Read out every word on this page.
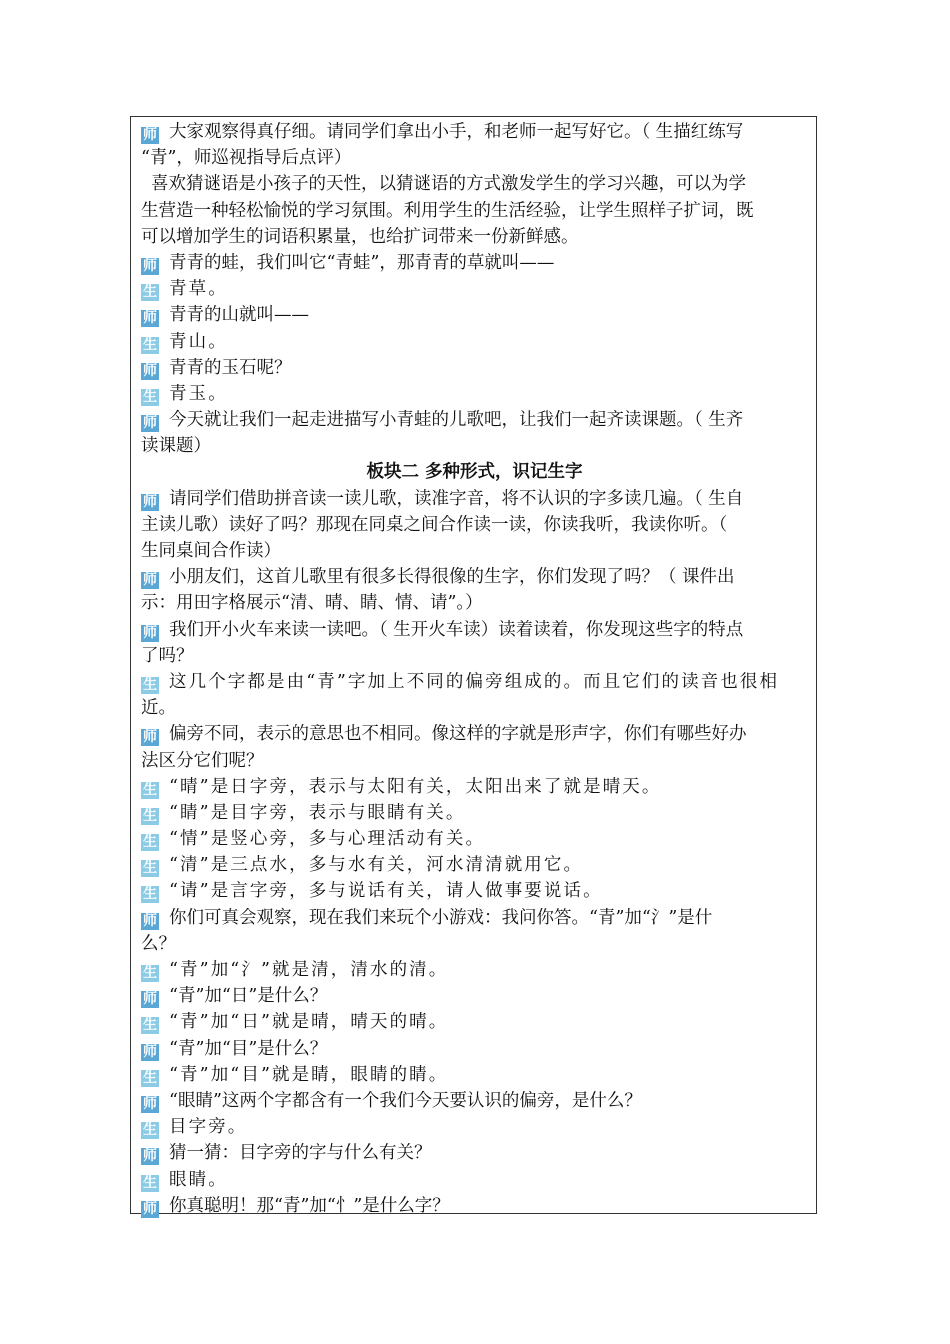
师 大家观察得真仔细。请同学们拿出小手，和老师一起写好它。（ 生描红练写
“青”，师巡视指导后点评）
喜欢猜谜语是小孩子的天性，以猜谜语的方式激发学生的学习兴趣，可以为学
生营造一种轻松愉悦的学习氛围。利用学生的生活经验，让学生照样子扩词，既
可以增加学生的词语积累量，也给扩词带来一份新鲜感。
师 青青的蛙，我们叫它“青蛙”，那青青的草就叫——
生 青草。
师 青青的山就叫——
生 青山。
师 青青的玉石呢？
生 青玉。
师 今天就让我们一起走进描写小青蛙的儿歌吧，让我们一起齐读课题。（ 生齐
读课题）
板块二 多种形式，识记生字
师 请同学们借助拼音读一读儿歌，读准字音，将不认识的字多读几遍。（ 生自
主读儿歌）读好了吗？那现在同桌之间合作读一读，你读我听，我读你听。（
生同桌间合作读）
师 小朋友们，这首儿歌里有很多长得很像的生字，你们发现了吗？（ 课件出
示：用田字格展示“清、晴、睛、情、请”。）
师 我们开小火车来读一读吧。（ 生开火车读）读着读着，你发现这些字的特点
了吗？
生 这几个字都是由“青”字加上不同的偏旁组成的。而且它们的读音也很相
近。
师 偏旁不同，表示的意思也不相同。像这样的字就是形声字，你们有哪些好办
法区分它们呢？
生 “晴”是日字旁，表示与太阳有关，太阳出来了就是晴天。
生 “睛”是目字旁，表示与眼睛有关。
生 “情”是竖心旁，多与心理活动有关。
生 “清”是三点水，多与水有关，河水清清就用它。
生 “请”是言字旁，多与说话有关，请人做事要说话。
师 你们可真会观察，现在我们来玩个小游戏：我问你答。“青”加“氵”是什
么？
生 “青”加“氵”就是清，清水的清。
师 “青”加“日”是什么？
生 “青”加“日”就是晴，晴天的晴。
师 “青”加“目”是什么？
生 “青”加“目”就是睛，眼睛的睛。
师 “眼睛”这两个字都含有一个我们今天要认识的偏旁，是什么？
生 目字旁。
师 猜一猜：目字旁的字与什么有关？
生 眼睛。
师 你真聪明！那“青”加“忄”是什么字？
